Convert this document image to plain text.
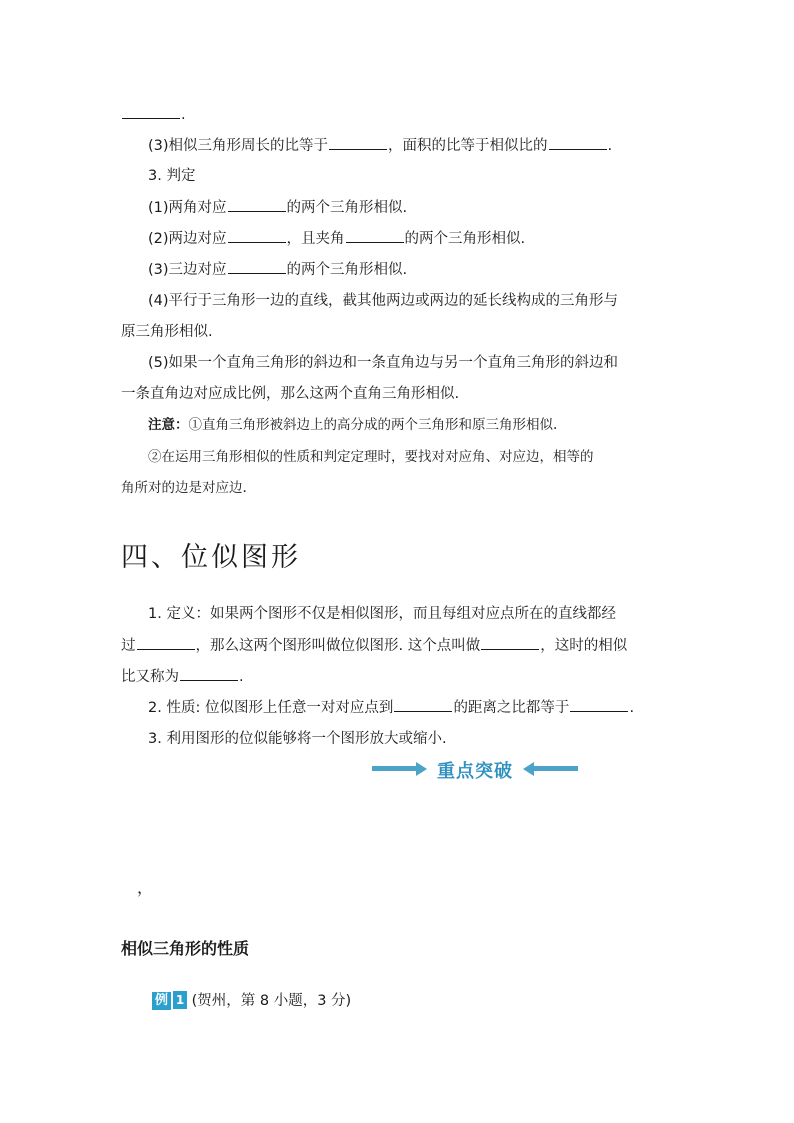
.
(3)相似三角形周长的比等于	，面积的比等于相似比的	.
3. 判定
(1)两角对应	的两个三角形相似.
(2)两边对应	，且夹角	的两个三角形相似.
(3)三边对应	的两个三角形相似.
(4)平行于三角形一边的直线，截其他两边或两边的延长线构成的三角形与
原三角形相似.
(5)如果一个直角三角形的斜边和一条直角边与另一个直角三角形的斜边和
一条直角边对应成比例，那么这两个直角三角形相似.
注意：①直角三角形被斜边上的高分成的两个三角形和原三角形相似.
②在运用三角形相似的性质和判定定理时，要找对对应角、对应边，相等的
角所对的边是对应边.
四、位似图形
1. 定义：如果两个图形不仅是相似图形，而且每组对应点所在的直线都经
过	，那么这两个图形叫做位似图形. 这个点叫做	，这时的相似
比又称为	.
2. 性质: 位似图形上任意一对对应点到	的距离之比都等于	.
3. 利用图形的位似能够将一个图形放大或缩小.
重点突破
，
相似三角形的性质
例 1 (贺州，第 8 小题，3 分)
